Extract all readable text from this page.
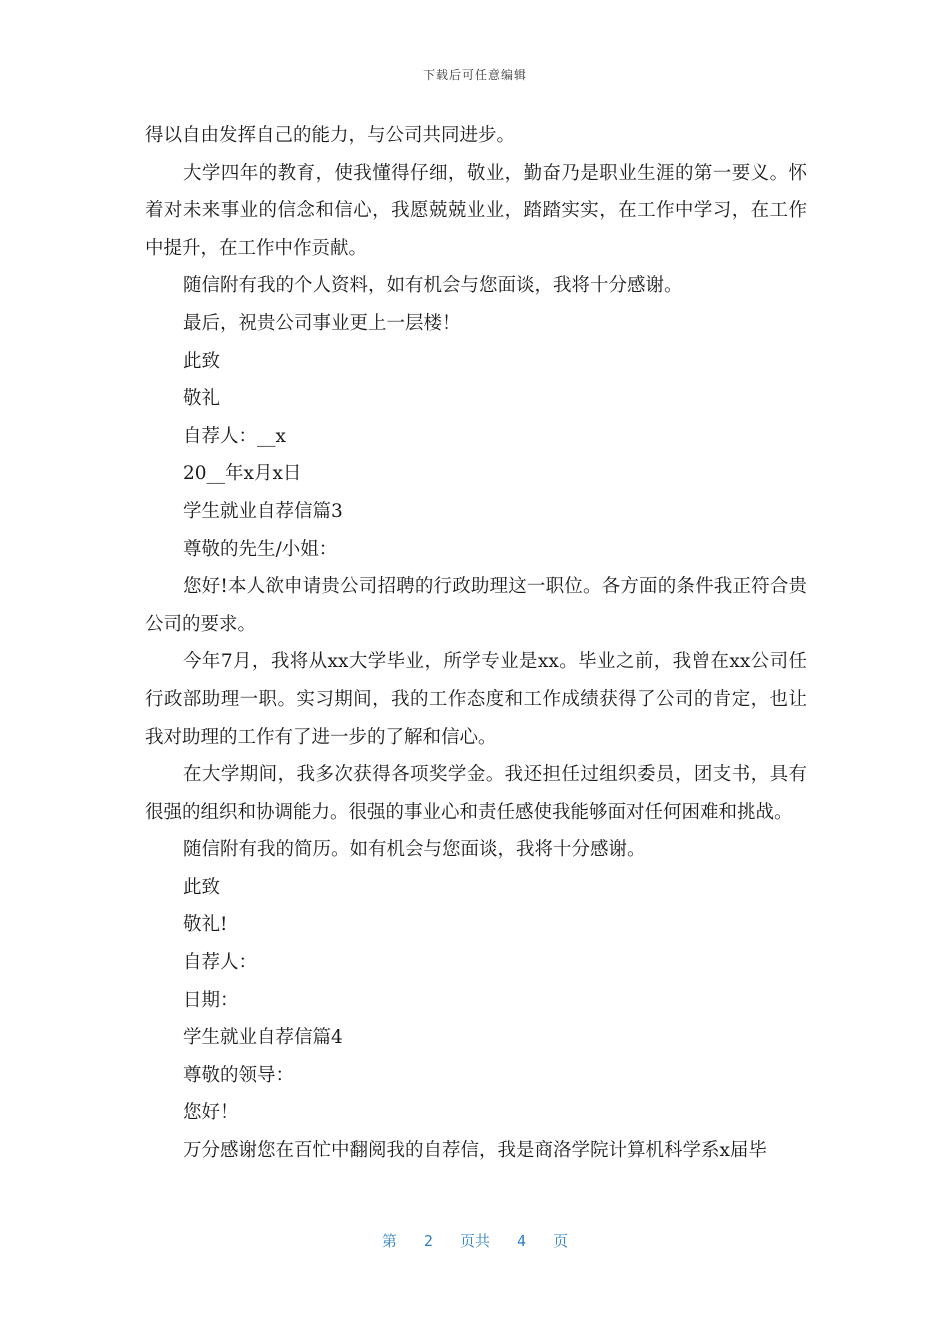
下载后可任意编辑

得以自由发挥自己的能力，与公司共同进步。

大学四年的教育，使我懂得仔细，敬业，勤奋乃是职业生涯的第一要义。怀着对未来事业的信念和信心，我愿兢兢业业，踏踏实实，在工作中学习，在工作中提升，在工作中作贡献。

随信附有我的个人资料，如有机会与您面谈，我将十分感谢。

最后，祝贵公司事业更上一层楼！

此致

敬礼

自荐人：__x

20__年x月x日

学生就业自荐信篇3

尊敬的先生/小姐：

您好!本人欲申请贵公司招聘的行政助理这一职位。各方面的条件我正符合贵公司的要求。

今年7月，我将从xx大学毕业，所学专业是xx。毕业之前，我曾在xx公司任行政部助理一职。实习期间，我的工作态度和工作成绩获得了公司的肯定，也让我对助理的工作有了进一步的了解和信心。

在大学期间，我多次获得各项奖学金。我还担任过组织委员，团支书，具有很强的组织和协调能力。很强的事业心和责任感使我能够面对任何困难和挑战。

随信附有我的简历。如有机会与您面谈，我将十分感谢。

此致

敬礼!

自荐人：

日期：

学生就业自荐信篇4

尊敬的领导：

您好！

万分感谢您在百忙中翻阅我的自荐信，我是商洛学院计算机科学系x届毕

第 2 页共 4 页
